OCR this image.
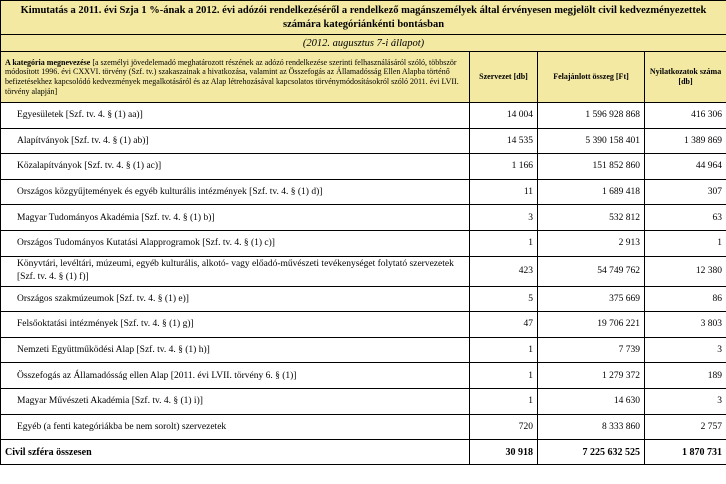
Kimutatás a 2011. évi Szja 1 %-ának a 2012. évi adózói rendelkezéséről a rendelkező magánszemélyek által érvényesen megjelölt civil kedvezményezettek számára kategóriánkénti bontásban			
(2012. augusztus 7-i állapot)			
A kategória megnevezése [a személyi jövedelemadó meghatározott részének az adózó rendelkezése szerinti felhasználásáról szóló, többször módosított 1996. évi CXXVI. törvény (Szf. tv.) szakaszainak a hivatkozása, valamint az Összefogás az Államadósság Ellen Alapba történő befizetésekhez kapcsolódó kedvezmények megalkotásáról és az Alap létrehozásával kapcsolatos törvénymódosításokról szóló 2011. évi LVII. törvény alapján]	Szervezet [db]	Felajánlott összeg [Ft]	Nyilatkozatok száma [db]
Egyesületek [Szf. tv. 4. § (1) aa)]	14 004	1 596 928 868	416 306
Alapítványok [Szf. tv. 4. § (1) ab)]	14 535	5 390 158 401	1 389 869
Közalapítványok [Szf. tv. 4. § (1) ac)]	1 166	151 852 860	44 964
Országos közgyűjtemények és egyéb kulturális intézmények [Szf. tv. 4. § (1) d)]	11	1 689 418	307
Magyar Tudományos Akadémia [Szf. tv. 4. § (1) b)]	3	532 812	63
Országos Tudományos Kutatási Alapprogramok [Szf. tv. 4. § (1) c)]	1	2 913	1
Könyvtári, levéltári, múzeumi, egyéb kulturális, alkotó- vagy előadó-művészeti tevékenységet folytató szervezetek [Szf. tv. 4. § (1) f)]	423	54 749 762	12 380
Országos szakmúzeumok [Szf. tv. 4. § (1) e)]	5	375 669	86
Felsőoktatási intézmények [Szf. tv. 4. § (1) g)]	47	19 706 221	3 803
Nemzeti Együttműködési Alap [Szf. tv. 4. § (1) h)]	1	7 739	3
Összefogás az Államadósság ellen Alap [2011. évi LVII. törvény 6. § (1)]	1	1 279 372	189
Magyar Művészeti Akadémia [Szf. tv. 4. § (1) i)]	1	14 630	3
Egyéb (a fenti kategóriákba be nem sorolt) szervezetek	720	8 333 860	2 757
Civil szféra összesen	30 918	7 225 632 525	1 870 731
